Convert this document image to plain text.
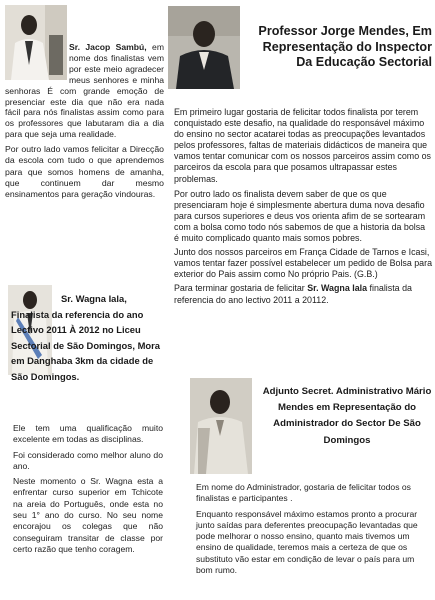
Sr. Jacop Sambú, em nome dos finalistas vem por este meio agradecer meus senhores e minha senhoras É com grande emoção de presenciar este dia que não era nada fácil para nós finalistas assim como para os professores que labutaram dia a dia para que seja uma realidade.

Professor Jorge Mendes, Em Representação do Inspector Da Educação Sectorial

Em primeiro lugar gostaria de felicitar todos finalista por terem conquistado este desafio, na qualidade do responsável máximo do ensino no sector acatarei todas as preocupações levantados pelos professores, faltas de materiais didácticos de maneira que vamos tentar comunicar com os nossos parceiros assim como os parceiros da escola para que posamos ultrapassar estes problemas.

Por outro lado os finalista devem saber de que os que presenciaram hoje é simplesmente abertura duma nova desafio para cursos superiores e deus vos orienta afim de se sortearam com a bolsa como todo nós sabemos de que a historia da bolsa é muito complicado quanto mais somos pobres.

Junto dos nossos parceiros em França Cidade de Tarnos e Icasi, vamos tentar fazer possível estabelecer um pedido de Bolsa para exterior do Pais assim como No próprio Pais. (G.B.)

Para terminar gostaria de felicitar Sr. Wagna Iala finalista da referencia do ano lectivo 2011 a 20112.

Sr. Wagna Iala, Finalista da referencia do ano Lectivo 2011 À 2012 no Liceu Sectorial de São Domingos, Mora em Danghaba 3km da cidade de São Domingos.

Ele tem uma qualificação muito excelente em todas as disciplinas.

Foi considerado como melhor aluno do ano.

Neste momento o Sr. Wagna esta a enfrentar curso superior em Tchicote na areia do Português, onde esta no seu 1° ano do curso. No seu nome encorajou os colegas que não conseguiram transitar de classe por certo razão que tenho coragem.

Adjunto Secret. Administrativo Mário Mendes em Representação do Administrador do Sector De São Domingos

Em nome do Administrador, gostaria de felicitar todos os finalistas e participantes .

Enquanto responsável máximo estamos pronto a procurar junto saídas para deferentes preocupação levantadas que pode melhorar o nosso ensino, quanto mais tivemos um ensino de qualidade, teremos mais a certeza de que os substituto vão estar em condição de levar o país para um bom rumo.

Por outro lado vamos felicitar a Direcção da escola com tudo o que aprendemos para que somos homens de amanha, que continuem dar mesmo ensinamentos para geração vindouras.
